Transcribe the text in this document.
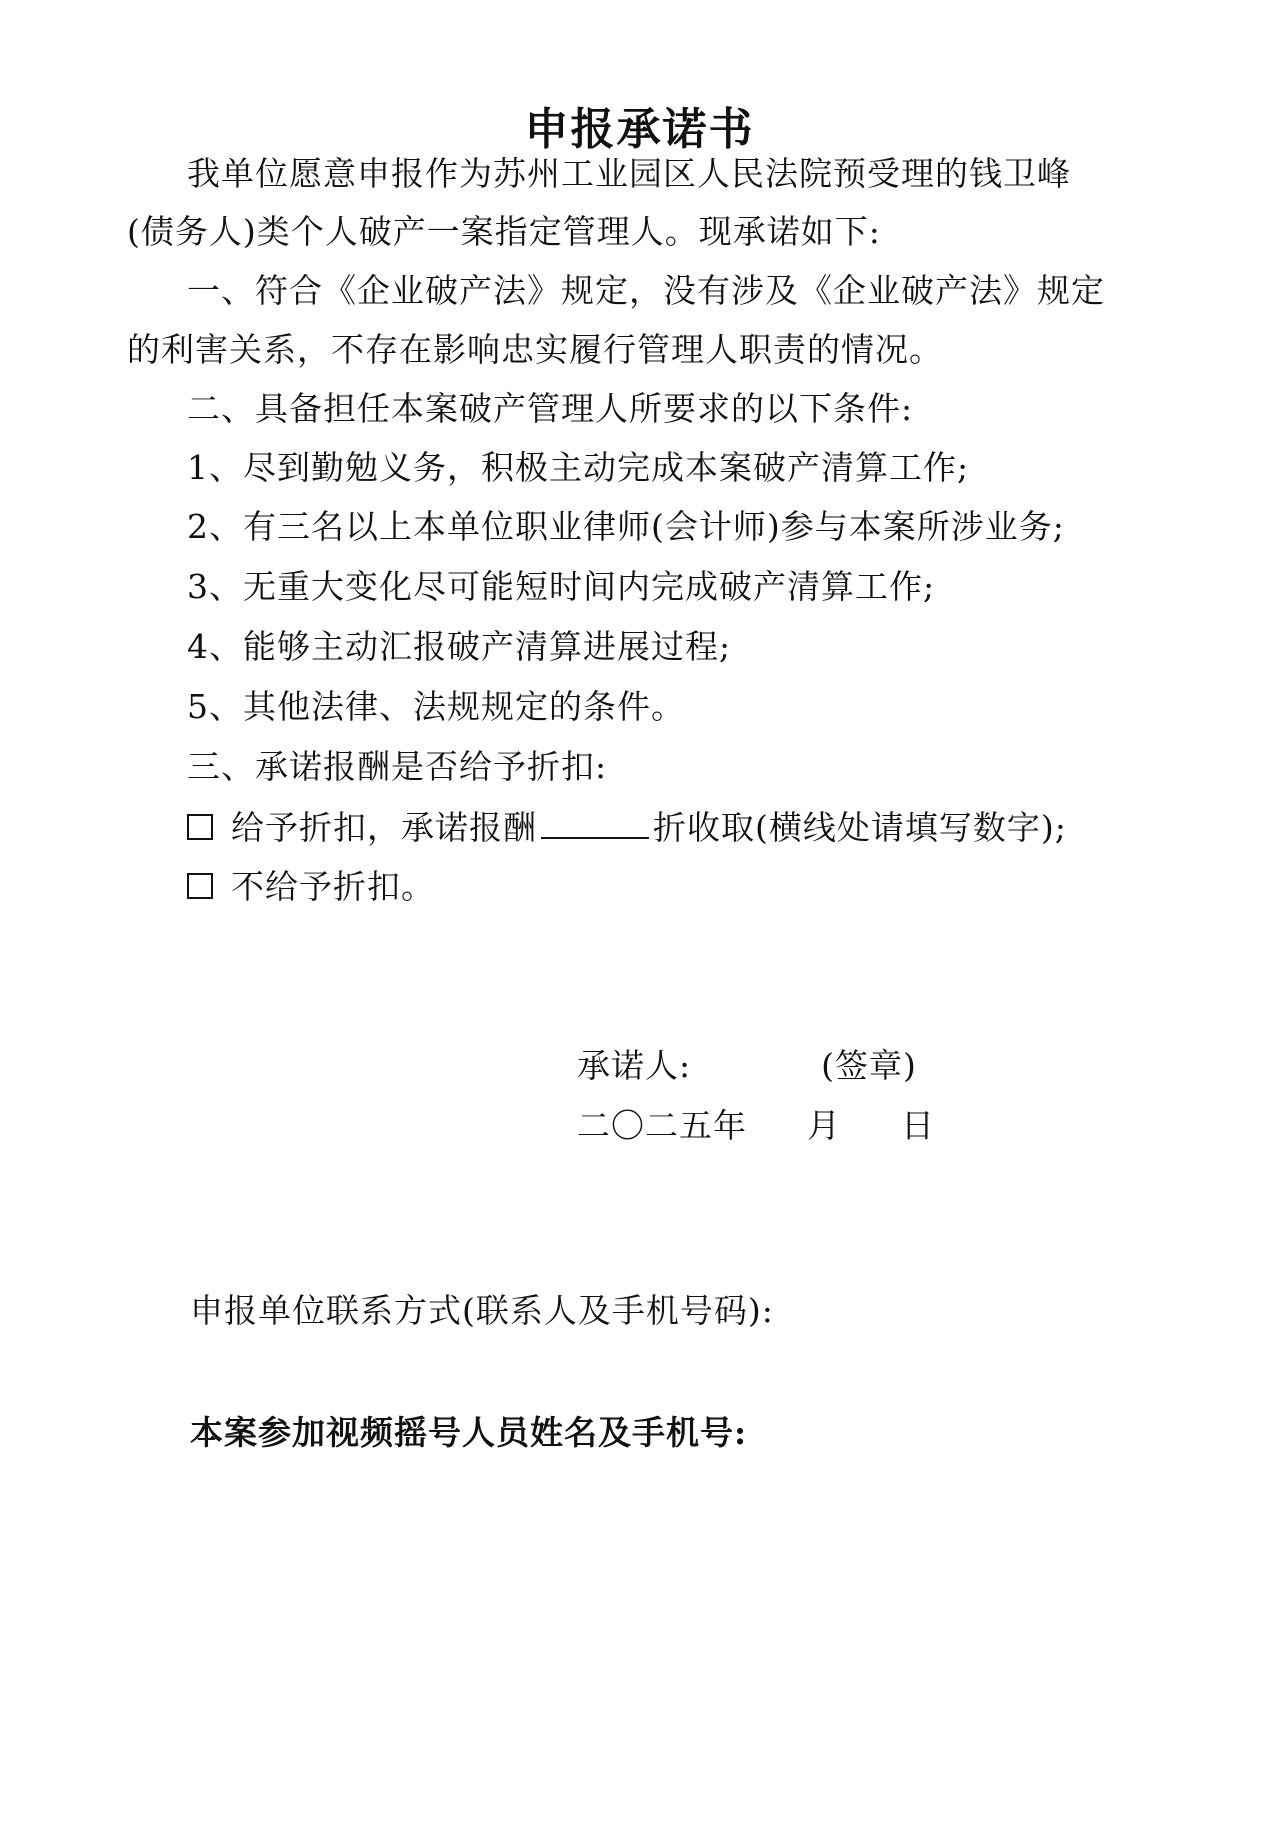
申报承诺书
我单位愿意申报作为苏州工业园区人民法院预受理的钱卫峰
(债务人)类个人破产一案指定管理人。现承诺如下:
一、符合《企业破产法》规定，没有涉及《企业破产法》规定
的利害关系，不存在影响忠实履行管理人职责的情况。
二、具备担任本案破产管理人所要求的以下条件:
1、尽到勤勉义务，积极主动完成本案破产清算工作;
2、有三名以上本单位职业律师(会计师)参与本案所涉业务;
3、无重大变化尽可能短时间内完成破产清算工作;
4、能够主动汇报破产清算进展过程;
5、其他法律、法规规定的条件。
三、承诺报酬是否给予折扣:
给予折扣，承诺报酬	折收取(横线处请填写数字);
不给予折扣。
承诺人:	(签章)
二〇二五年 月 日
申报单位联系方式(联系人及手机号码):
本案参加视频摇号人员姓名及手机号:
